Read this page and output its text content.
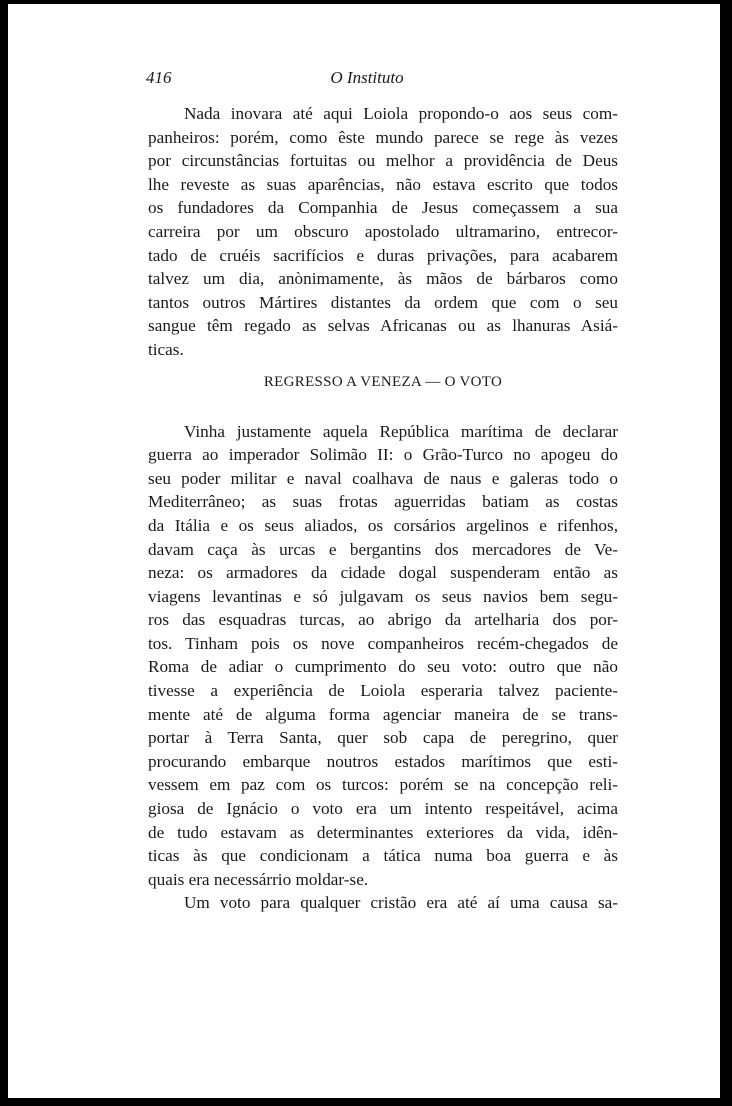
416	O Instituto
Nada inovara até aqui Loiola propondo-o aos seus com-
panheiros: porém, como êste mundo parece se rege às vezes
por circunstâncias fortuitas ou melhor a providência de Deus
lhe reveste as suas aparências, não estava escrito que todos
os fundadores da Companhia de Jesus começassem a sua
carreira por um obscuro apostolado ultramarino, entrecor-
tado de cruéis sacrifícios e duras privações, para acabarem
talvez um dia, anònimamente, às mãos de bárbaros como
tantos outros Mártires distantes da ordem que com o seu
sangue têm regado as selvas Africanas ou as lhanuras Asiá-
ticas.
REGRESSO A VENEZA — O VOTO
Vinha justamente aquela República marítima de declarar
guerra ao imperador Solimão II: o Grão-Turco no apogeu do
seu poder militar e naval coalhava de naus e galeras todo o
Mediterrâneo; as suas frotas aguerridas batiam as costas
da Itália e os seus aliados, os corsários argelinos e rifenhos,
davam caça às urcas e bergantins dos mercadores de Ve-
neza: os armadores da cidade dogal suspenderam então as
viagens levantinas e só julgavam os seus navios bem segu-
ros das esquadras turcas, ao abrigo da artelharia dos por-
tos. Tinham pois os nove companheiros recém-chegados de
Roma de adiar o cumprimento do seu voto: outro que não
tivesse a experiência de Loiola esperaria talvez paciente-
mente até de alguma forma agenciar maneira de se trans-
portar à Terra Santa, quer sob capa de peregrino, quer
procurando embarque noutros estados marítimos que esti-
vessem em paz com os turcos: porém se na concepção reli-
giosa de Ignácio o voto era um intento respeitável, acima
de tudo estavam as determinantes exteriores da vida, idên-
ticas às que condicionam a tática numa boa guerra e às
quais era necessárrio moldar-se.
Um voto para qualquer cristão era até aí uma causa sa-
